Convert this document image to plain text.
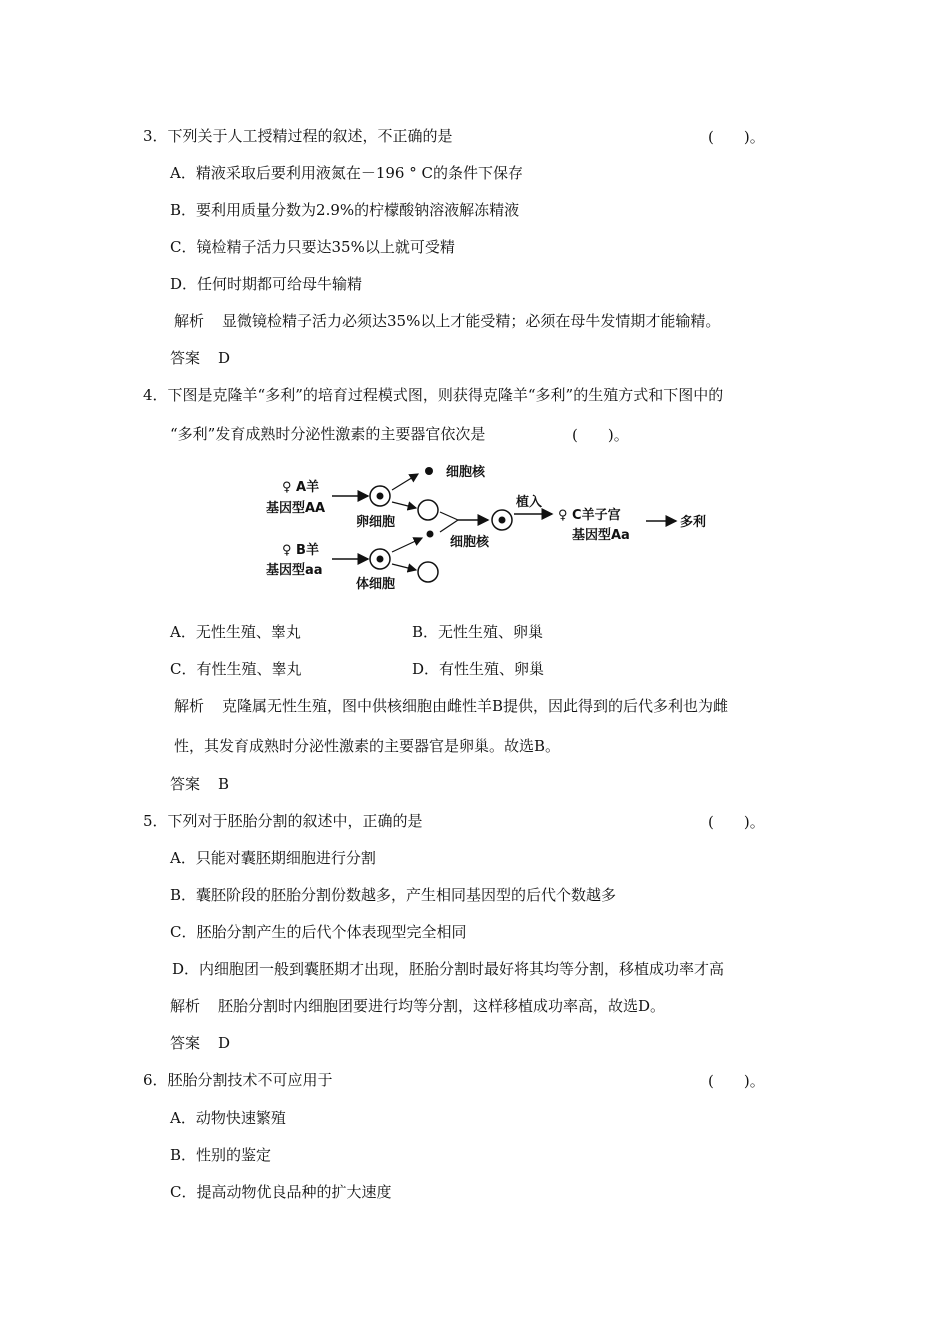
3．下列关于人工授精过程的叙述，不正确的是	(　　)。
A．精液采取后要利用液氮在－196 ° C的条件下保存
B．要利用质量分数为2.9%的柠檬酸钠溶液解冻精液
C．镜检精子活力只要达35%以上就可受精
D．任何时期都可给母牛输精
解析 显微镜检精子活力必须达35%以上才能受精；必须在母牛发情期才能输精。
答案 D
4．下图是克隆羊“多利”的培育过程模式图，则获得克隆羊“多利”的生殖方式和下图中的
“多利”发育成熟时分泌性激素的主要器官依次是	(　　)。
♀ A羊
基因型AA
卵细胞
细胞核
♀ B羊
基因型aa
体细胞
细胞核
植入
♀ C羊子宫
基因型Aa
多利
A．无性生殖、睾丸	B．无性生殖、卵巢
C．有性生殖、睾丸	D．有性生殖、卵巢
解析 克隆属无性生殖，图中供核细胞由雌性羊B提供，因此得到的后代多利也为雌
性，其发育成熟时分泌性激素的主要器官是卵巢。故选B。
答案 B
5．下列对于胚胎分割的叙述中，正确的是	(　　)。
A．只能对囊胚期细胞进行分割
B．囊胚阶段的胚胎分割份数越多，产生相同基因型的后代个数越多
C．胚胎分割产生的后代个体表现型完全相同
D．内细胞团一般到囊胚期才出现，胚胎分割时最好将其均等分割，移植成功率才高
解析 胚胎分割时内细胞团要进行均等分割，这样移植成功率高，故选D。
答案 D
6．胚胎分割技术不可应用于	(　　)。
A．动物快速繁殖
B．性别的鉴定
C．提高动物优良品种的扩大速度
